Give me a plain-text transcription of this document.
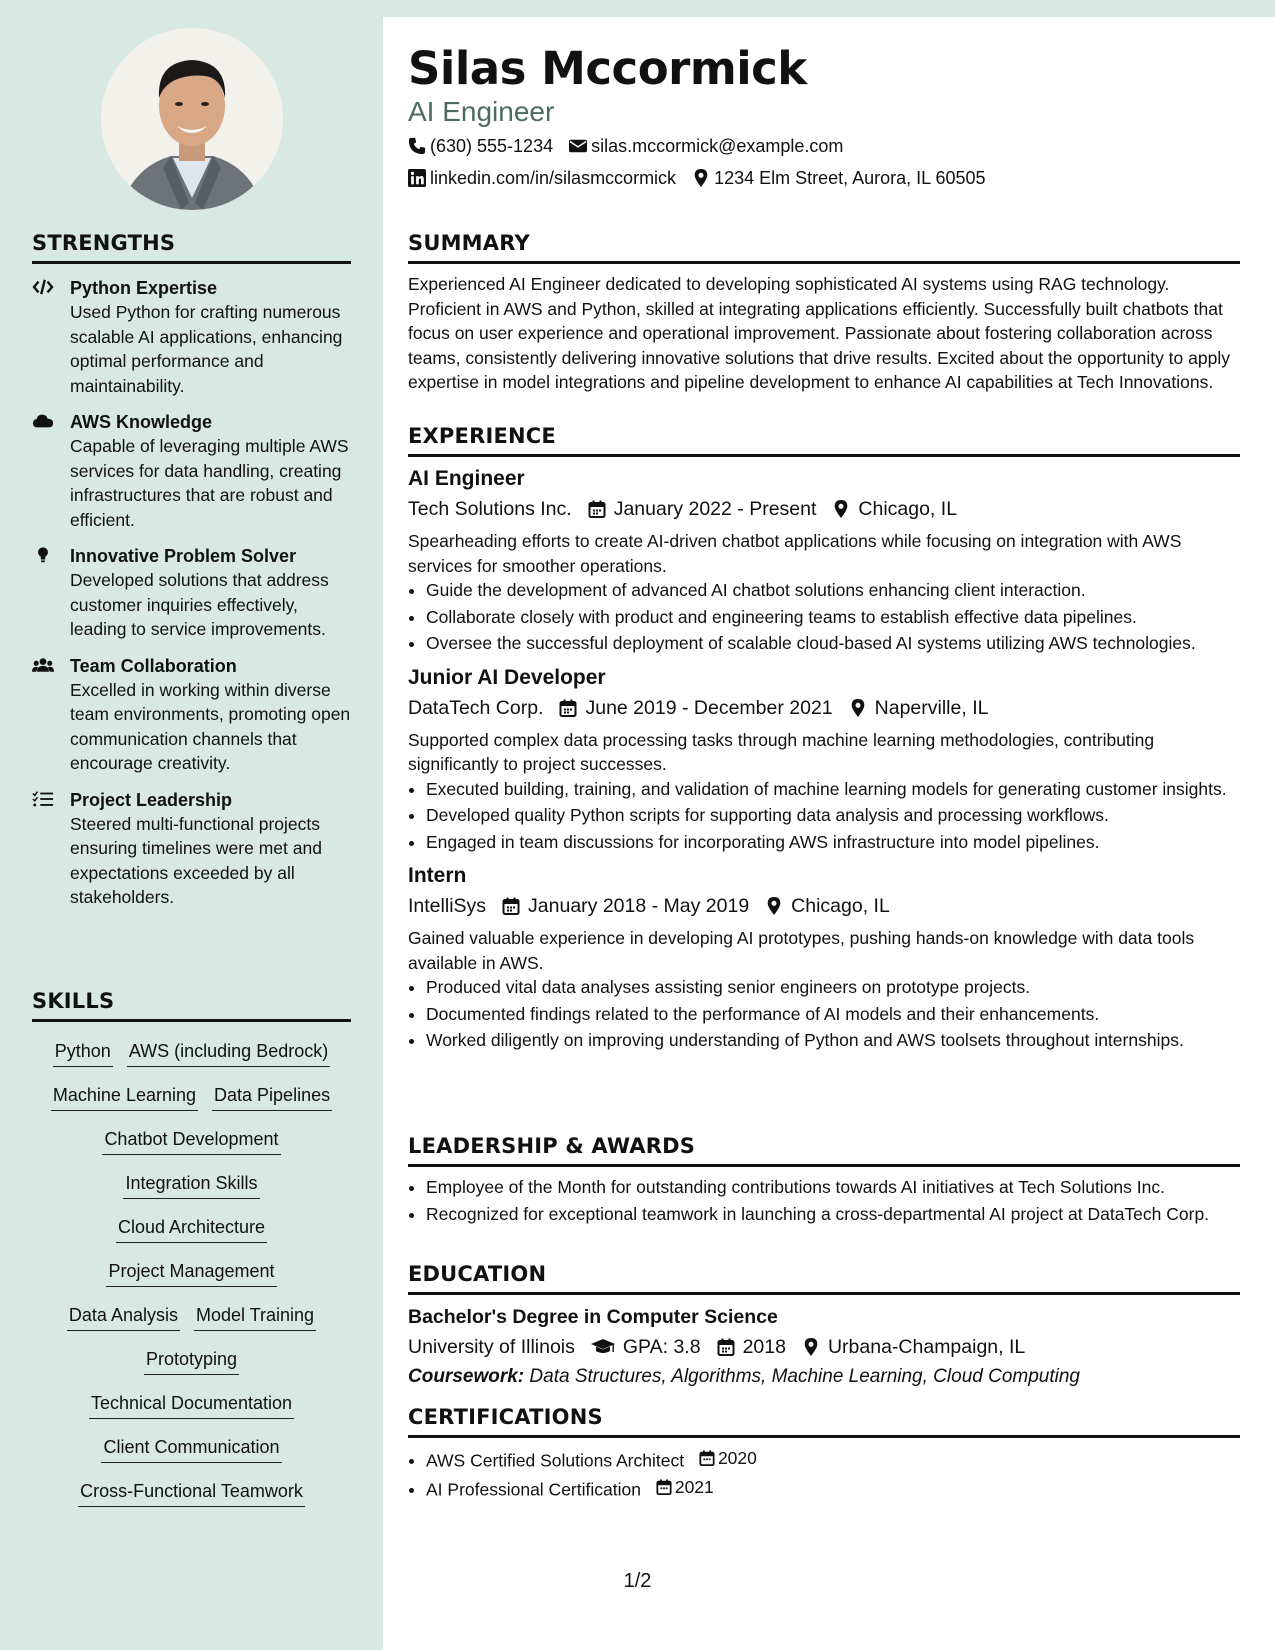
STRENGTHS
Python Expertise
Used Python for crafting numerous scalable AI applications, enhancing optimal performance and maintainability.
AWS Knowledge
Capable of leveraging multiple AWS services for data handling, creating infrastructures that are robust and efficient.
Innovative Problem Solver
Developed solutions that address customer inquiries effectively, leading to service improvements.
Team Collaboration
Excelled in working within diverse team environments, promoting open communication channels that encourage creativity.
Project Leadership
Steered multi-functional projects ensuring timelines were met and expectations exceeded by all stakeholders.
SKILLS
Python AWS (including Bedrock)
Machine Learning Data Pipelines
Chatbot Development
Integration Skills
Cloud Architecture
Project Management
Data Analysis Model Training
Prototyping
Technical Documentation
Client Communication
Cross-Functional Teamwork
Silas Mccormick
AI Engineer
(630) 555-1234 silas.mccormick@example.com
linkedin.com/in/silasmccormick 1234 Elm Street, Aurora, IL 60505
SUMMARY

Experienced AI Engineer dedicated to developing sophisticated AI systems using RAG technology. Proficient in AWS and Python, skilled at integrating applications efficiently. Successfully built chatbots that focus on user experience and operational improvement. Passionate about fostering collaboration across teams, consistently delivering innovative solutions that drive results. Excited about the opportunity to apply expertise in model integrations and pipeline development to enhance AI capabilities at Tech Innovations.

EXPERIENCE
AI Engineer
Tech Solutions Inc. January 2022 - Present Chicago, IL

Spearheading efforts to create AI-driven chatbot applications while focusing on integration with AWS services for smoother operations.

• Guide the development of advanced AI chatbot solutions enhancing client interaction.
• Collaborate closely with product and engineering teams to establish effective data pipelines.
• Oversee the successful deployment of scalable cloud-based AI systems utilizing AWS technologies.
Junior AI Developer
DataTech Corp. June 2019 - December 2021 Naperville, IL

Supported complex data processing tasks through machine learning methodologies, contributing significantly to project successes.

• Executed building, training, and validation of machine learning models for generating customer insights.
• Developed quality Python scripts for supporting data analysis and processing workflows.
• Engaged in team discussions for incorporating AWS infrastructure into model pipelines.
Intern
IntelliSys January 2018 - May 2019 Chicago, IL

Gained valuable experience in developing AI prototypes, pushing hands-on knowledge with data tools available in AWS.

• Produced vital data analyses assisting senior engineers on prototype projects.
• Documented findings related to the performance of AI models and their enhancements.
• Worked diligently on improving understanding of Python and AWS toolsets throughout internships.
LEADERSHIP & AWARDS
• Employee of the Month for outstanding contributions towards AI initiatives at Tech Solutions Inc.
• Recognized for exceptional teamwork in launching a cross-departmental AI project at DataTech Corp.
EDUCATION
Bachelor's Degree in Computer Science
University of Illinois GPA: 3.8 2018 Urbana-Champaign, IL
Coursework: Data Structures, Algorithms, Machine Learning, Cloud Computing
CERTIFICATIONS
• AWS Certified Solutions Architect 2020
• AI Professional Certification 2021
1/2
